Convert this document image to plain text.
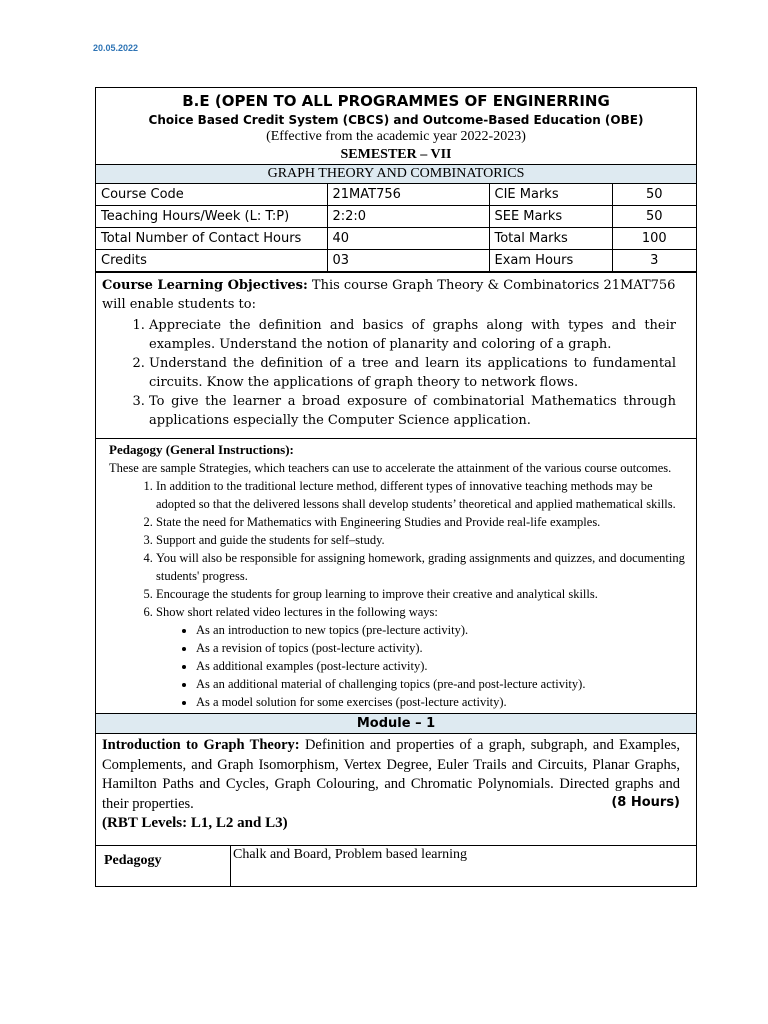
20.05.2022
B.E (OPEN TO ALL PROGRAMMES OF ENGINERRING
Choice Based Credit System (CBCS) and Outcome-Based Education (OBE)
(Effective from the academic year 2022-2023)
SEMESTER – VII
GRAPH THEORY AND COMBINATORICS
Course Code	21MAT756	CIE Marks	50
Teaching Hours/Week (L: T:P)	2:2:0	SEE Marks	50
Total Number of Contact Hours	40	Total Marks	100
Credits	03	Exam Hours	3
Course Learning Objectives: This course Graph Theory & Combinatorics 21MAT756 will enable students to:
1. Appreciate the definition and basics of graphs along with types and their examples. Understand the notion of planarity and coloring of a graph.
2. Understand the definition of a tree and learn its applications to fundamental circuits. Know the applications of graph theory to network flows.
3. To give the learner a broad exposure of combinatorial Mathematics through applications especially the Computer Science application.
Pedagogy (General Instructions):
These are sample Strategies, which teachers can use to accelerate the attainment of the various course outcomes.
1. In addition to the traditional lecture method, different types of innovative teaching methods may be adopted so that the delivered lessons shall develop students’ theoretical and applied mathematical skills.
2. State the need for Mathematics with Engineering Studies and Provide real-life examples.
3. Support and guide the students for self–study.
4. You will also be responsible for assigning homework, grading assignments and quizzes, and documenting students' progress.
5. Encourage the students for group learning to improve their creative and analytical skills.
6. Show short related video lectures in the following ways:
• As an introduction to new topics (pre-lecture activity).
• As a revision of topics (post-lecture activity).
• As additional examples (post-lecture activity).
• As an additional material of challenging topics (pre-and post-lecture activity).
• As a model solution for some exercises (post-lecture activity).
Module – 1
Introduction to Graph Theory: Definition and properties of a graph, subgraph, and Examples, Complements, and Graph Isomorphism, Vertex Degree, Euler Trails and Circuits, Planar Graphs, Hamilton Paths and Cycles, Graph Colouring, and Chromatic Polynomials. Directed graphs and their properties.	(8 Hours)
(RBT Levels: L1, L2 and L3)
Pedagogy	Chalk and Board, Problem based learning
